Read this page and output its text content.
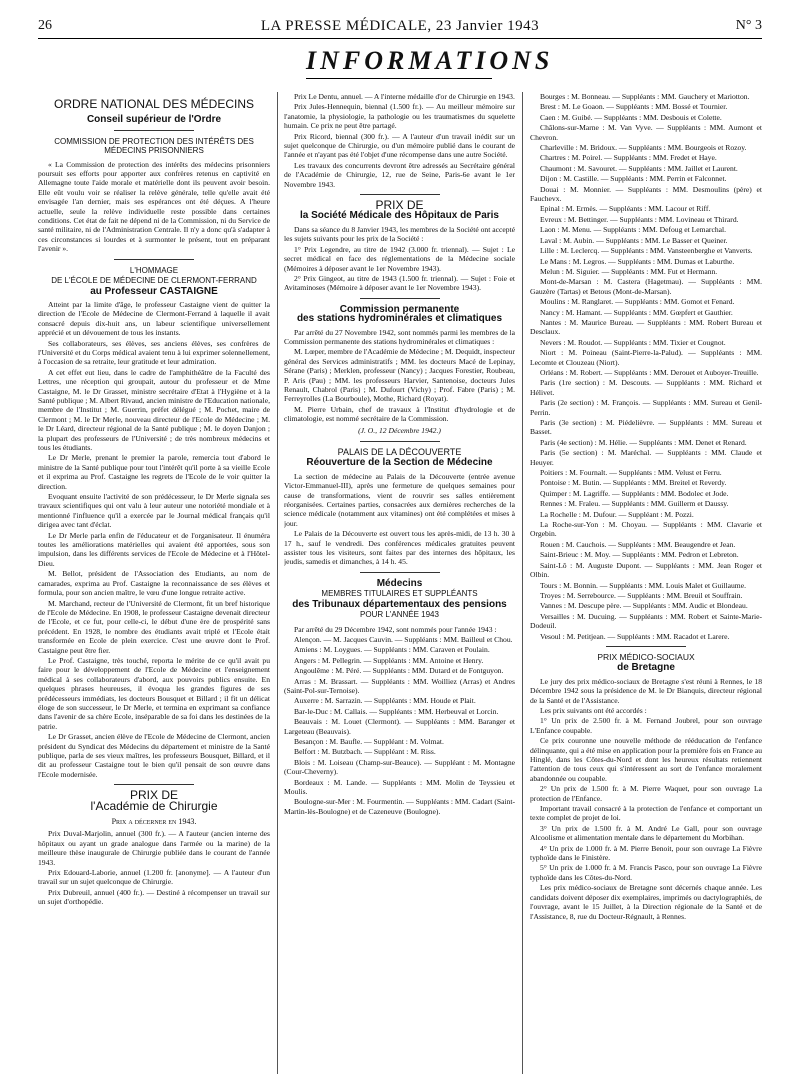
26	LA PRESSE MÉDICALE, 23 Janvier 1943	N° 3
INFORMATIONS
ORDRE NATIONAL DES MÉDECINS
Conseil supérieur de l'Ordre
COMMISSION DE PROTECTION DES INTÉRÊTS DES MÉDECINS PRISONNIERS

« La Commission de protection des intérêts des médecins prisonniers poursuit ses efforts pour apporter aux confrères retenus en captivité en Allemagne toute l'aide morale et matérielle dont ils peuvent avoir besoin. Elle eût voulu voir se réaliser la relève générale, telle qu'elle avait été envisagée l'an dernier, mais ses espérances ont été déçues. A l'heure actuelle, seule la relève individuelle reste possible dans certaines conditions. Cet état de fait ne dépend ni de la Commission, ni du Service de santé militaire, ni de l'Administration Centrale. Il n'y a donc qu'à s'adapter à ces circonstances si lourdes et à surmonter le présent, tout en préparant l'avenir ».

L'HOMMAGE
DE L'ÉCOLE DE MÉDECINE DE CLERMONT-FERRAND
au Professeur CASTAIGNE

Atteint par la limite d'âge, le professeur Castaigne vient de quitter la direction de l'Ecole de Médecine de Clermont-Ferrand à laquelle il avait consacré depuis dix-huit ans, un labeur scientifique universellement apprécié et un dévouement de tous les instants.

Ses collaborateurs, ses élèves, ses anciens élèves, ses confrères de l'Université et du Corps médical avaient tenu à lui exprimer solennellement, à l'occasion de sa retraite, leur gratitude et leur admiration.

A cet effet eut lieu, dans le cadre de l'amphithéâtre de la Faculté des Lettres, une réception qui groupait, autour du professeur et de Mme Castaigne, M. le Dr Grasset, ministre secrétaire d'Etat à l'Hygiène et à la Santé publique ; M. Albert Rivaud, ancien ministre de l'Education nationale, membre de l'Institut ; M. Guerrin, préfet délégué ; M. Pochet, maire de Clermont ; M. le Dr Merle, nouveau directeur de l'Ecole de Médecine ; M. le Dr Léard, directeur régional de la Santé publique ; M. le doyen Danjon ; la plupart des professeurs de l'Université ; de très nombreux médecins et tous les étudiants.

Le Dr Merle, prenant le premier la parole, remercia tout d'abord le ministre de la Santé publique pour tout l'intérêt qu'il porte à sa vieille Ecole et il exprima au Prof. Castaigne les regrets de l'Ecole de le voir quitter la direction.

Evoquant ensuite l'activité de son prédécesseur, le Dr Merle signala ses travaux scientifiques qui ont valu à leur auteur une notoriété mondiale et à mentionné l'influence qu'il a exercée par le Journal médical français qu'il dirigea avec tant d'éclat.

Le Dr Merle parla enfin de l'éducateur et de l'organisateur. Il énuméra toutes les améliorations matérielles qui avaient été apportées, sous son impulsion, dans les différents services de l'Ecole de Médecine et à l'Hôtel-Dieu.

M. Bellot, président de l'Association des Etudiants, au nom de camarades, exprima au Prof. Castaigne la reconnaissance de ses élèves et formula, pour son ancien maître, le vœu d'une longue retraite active.

M. Marchand, recteur de l'Université de Clermont, fit un bref historique de l'Ecole de Médecine. En 1908, le professeur Castaigne devenait directeur de l'Ecole, et ce fut, pour celle-ci, le début d'une ère de prospérité sans précédent. En 1928, le nombre des étudiants avait triplé et l'Ecole était transformée en Ecole de plein exercice. C'est une œuvre dont le Prof. Castaigne peut être fier.

Le Prof. Castaigne, très touché, reporta le mérite de ce qu'il avait pu faire pour le développement de l'Ecole de Médecine et l'enseignement médical à ses collaborateurs d'abord, aux pouvoirs publics ensuite. En quelques phrases heureuses, il évoqua les grandes figures de ses prédécesseurs immédiats, les docteurs Bousquet et Billard ; il fit un délicat éloge de son successeur, le Dr Merle, et termina en exprimant sa confiance dans l'avenir de sa chère Ecole, inséparable de sa foi dans les destinées de la patrie.

Le Dr Grasset, ancien élève de l'Ecole de Médecine de Clermont, ancien président du Syndicat des Médecins du département et ministre de la Santé publique, parla de ses vieux maîtres, les professeurs Bousquet, Billard, et il dit au professeur Castaigne tout le bien qu'il pensait de son œuvre dans l'Ecole modernisée.

PRIX DE
l'Académie de Chirurgie
Prix a décerner en 1943.

Prix Duval-Marjolin, annuel (300 fr.). — A l'auteur (ancien interne des hôpitaux ou ayant un grade analogue dans l'armée ou la marine) de la meilleure thèse inaugurale de Chirurgie publiée dans le courant de l'année 1943.

Prix Edouard-Laborie, annuel (1.200 fr. [anonyme]. — A l'auteur d'un travail sur un sujet quelconque de Chirurgie.

Prix Dubreuil, annuel (400 fr.). — Destiné à récompenser un travail sur un sujet d'orthopédie.

Prix Le Dentu, annuel. — A l'interne médaille d'or de Chirurgie en 1943.

Prix Jules-Hennequin, biennal (1.500 fr.). — Au meilleur mémoire sur l'anatomie, la physiologie, la pathologie ou les traumatismes du squelette humain. Ce prix ne peut être partagé.

Prix Ricord, biennal (300 fr.). — A l'auteur d'un travail inédit sur un sujet quelconque de Chirurgie, ou d'un mémoire publié dans le courant de l'année et n'ayant pas été l'objet d'une récompense dans une autre Société.

Les travaux des concurrents devront être adressés au Secrétaire général de l'Académie de Chirurgie, 12, rue de Seine, Paris-6e avant le 1er Novembre 1943.

PRIX DE
la Société Médicale des Hôpitaux de Paris

Dans sa séance du 8 Janvier 1943, les membres de la Société ont accepté les sujets suivants pour les prix de la Société :

1° Prix Legendre, au titre de 1942 (3.000 fr. triennal). — Sujet : Le secret médical en face des réglementations de la Médecine sociale (Mémoires à déposer avant le 1er Novembre 1943).

2° Prix Gingeot, au titre de 1943 (1.500 fr. triennal). — Sujet : Foie et Avitaminoses (Mémoire à déposer avant le 1er Novembre 1943).

Commission permanente
des stations hydrominérales et climatiques

Par arrêté du 27 Novembre 1942, sont nommés parmi les membres de la Commission permanente des stations hydrominérales et climatiques :

M. Lœper, membre de l'Académie de Médecine ; M. Dequidt, inspecteur général des Services administratifs ; MM. les docteurs Macé de Lepinay, Sérane (Paris) ; Merklen, professeur (Nancy) ; Jacques Forestier, Roubeau, P. Aris (Pau) ; MM. les professeurs Harvier, Santenoise, docteurs Jules Renault, Chabrol (Paris) ; M. Dufourt (Vichy) ; Prof. Fabre (Paris) ; M. Ferreyrolles (La Bourboule), Mothe, Richard (Royat).

M. Pierre Urbain, chef de travaux à l'Institut d'hydrologie et de climatologie, est nommé secrétaire de la Commission.

(J. O., 12 Décembre 1942.)
PALAIS DE LA DÉCOUVERTE
Réouverture de la Section de Médecine

La section de médecine au Palais de la Découverte (entrée avenue Victor-Emmanuel-III), après une fermeture de quelques semaines pour cause de transformations, vient de rouvrir ses salles entièrement réorganisées. Certaines parties, consacrées aux dernières recherches de la science médicale (notamment aux vitamines) ont été complétées et mises à jour.

Le Palais de la Découverte est ouvert tous les après-midi, de 13 h. 30 à 17 h., sauf le vendredi. Des conférences médicales gratuites peuvent assister tous les visiteurs, sont faites par des internes des hôpitaux, les jeudis, samedis et dimanches, à 14 h. 45.

Médecins
MEMBRES TITULAIRES ET SUPPLÉANTS
des Tribunaux départementaux des pensions
POUR L'ANNÉE 1943

Par arrêté du 29 Décembre 1942, sont nommés pour l'année 1943 :

Alençon. — M. Jacques Cauvin. — Suppléants : MM. Bailleul et Chou.

Amiens : M. Loygues. — Suppléants : MM. Caraven et Poulain.

Angers : M. Pellegrin. — Suppléants : MM. Antoine et Henry.

Angoulême : M. Péré. — Suppléants : MM. Dutard et de Fontguyon.

Arras : M. Brassart. — Suppléants : MM. Woilliez (Arras) et Andres (Saint-Pol-sur-Ternoise).

Auxerre : M. Sarrazin. — Suppléants : MM. Houde et Plait.

Bar-le-Duc : M. Callais. — Suppléants : MM. Herbeuval et Lorcin.

Beauvais : M. Louet (Clermont). — Suppléants : MM. Baranger et Largeteau (Beauvais).

Besançon : M. Baufle. — Suppléant : M. Volmat.

Belfort : M. Butzbach. — Suppléant : M. Riss.

Blois : M. Loiseau (Champ-sur-Beauce). — Suppléant : M. Montagne (Cour-Cheverny).

Bordeaux : M. Lande. — Suppléants : MM. Molin de Teyssieu et Moulis.

Boulogne-sur-Mer : M. Fourmentin. — Suppléants : MM. Cadart (Saint-Martin-lès-Boulogne) et de Cazeneuve (Boulogne).

Bourges : M. Bonneau. — Suppléants : MM. Gauchery et Mariotton.

Brest : M. Le Goaon. — Suppléants : MM. Bossé et Tournier.

Caen : M. Guibé. — Suppléants : MM. Desbouis et Colette.

Châlons-sur-Marne : M. Van Vyve. — Suppléants : MM. Aumont et Chevron.

Charleville : M. Bridoux. — Suppléants : MM. Bourgeois et Rozoy.

Chartres : M. Poirel. — Suppléants : MM. Fredet et Haye.

Chaumont : M. Savouret. — Suppléants : MM. Jaillet et Laurent.

Dijon : M. Castille. — Suppléants : MM. Perrin et Falconnet.

Douai : M. Monnier. — Suppléants : MM. Desmoulins (père) et Fauchevx.

Epinal : M. Ermès. — Suppléants : MM. Lacour et Riff.

Evreux : M. Bettinger. — Suppléants : MM. Lovineau et Thirard.

Laon : M. Menu. — Suppléants : MM. Defoug et Lemarchal.

Laval : M. Aubin. — Suppléants : MM. Le Basser et Queiner.

Lille : M. Leclercq. — Suppléants : MM. Vansteenberghe et Vanverts.

Le Mans : M. Legros. — Suppléants : MM. Dumas et Laburthe.

Melun : M. Siguier. — Suppléants : MM. Fut et Hermann.

Mont-de-Marsan : M. Castera (Hagetmau). — Suppléants : MM. Gauzère (Tartas) et Betous (Mont-de-Marsan).

Moulins : M. Ranglaret. — Suppléants : MM. Gomot et Fenard.

Nancy : M. Hamant. — Suppléants : MM. Gœpfert et Gauthier.

Nantes : M. Maurice Bureau. — Suppléants : MM. Robert Bureau et Desclaux.

Nevers : M. Roudot. — Suppléants : MM. Tixier et Cougnot.

Niort : M. Poineau (Saint-Pierre-la-Palud). — Suppléants : MM. Lecomte et Clouzeau (Niort).

Orléans : M. Robert. — Suppléants : MM. Derouet et Auboyer-Treuille.

Paris (1re section) : M. Descouts. — Suppléants : MM. Richard et Hélivet.

Paris (2e section) : M. François. — Suppléants : MM. Sureau et Genil-Perrin.

Paris (3e section) : M. Piédelièvre. — Suppléants : MM. Sureau et Basset.

Paris (4e section) : M. Hélie. — Suppléants : MM. Denet et Renard.

Paris (5e section) : M. Maréchal. — Suppléants : MM. Claude et Heuyer.

Poitiers : M. Fournalt. — Suppléants : MM. Velust et Ferru.

Pontoise : M. Butin. — Suppléants : MM. Breitel et Reverdy.

Quimper : M. Lagriffe. — Suppléants : MM. Bodolec et Jode.

Rennes : M. Fraleu. — Suppléants : MM. Guillerm et Daussy.

La Rochelle : M. Dufour. — Suppléant : M. Pozzi.

La Roche-sur-Yon : M. Choyau. — Suppléants : MM. Clavarie et Orgebin.

Rouen : M. Cauchois. — Suppléants : MM. Beaugendre et Jean.

Saint-Brieuc : M. Moy. — Suppléants : MM. Pedron et Lebreton.

Saint-Lô : M. Auguste Dupont. — Suppléants : MM. Jean Roger et Olbin.

Tours : M. Bonnin. — Suppléants : MM. Louis Malet et Guillaume.

Troyes : M. Serrebource. — Suppléants : MM. Breuil et Souffrain.

Vannes : M. Descupe père. — Suppléants : MM. Audic et Blondeau.

Versailles : M. Ducuing. — Suppléants : MM. Robert et Sainte-Marie-Dodeuil.

Vesoul : M. Petitjean. — Suppléants : MM. Racadot et Larere.

PRIX MÉDICO-SOCIAUX
de Bretagne

Le jury des prix médico-sociaux de Bretagne s'est réuni à Rennes, le 18 Décembre 1942 sous la présidence de M. le Dr Bianquis, directeur régional de la Santé et de l'Assistance.

Les prix suivants ont été accordés :

1° Un prix de 2.500 fr. à M. Fernand Joubrel, pour son ouvrage L'Enfance coupable.

Ce prix couronne une nouvelle méthode de rééducation de l'enfance délinquante, qui a été mise en application pour la première fois en France au Hinglé, dans les Côtes-du-Nord et dont les heureux résultats retiennent l'attention de tous ceux qui s'intéressent au sort de l'enfance moralement abandonnée ou coupable.

2° Un prix de 1.500 fr. à M. Pierre Waquet, pour son ouvrage La protection de l'Enfance.

Important travail consacré à la protection de l'enfance et comportant un texte complet de projet de loi.

3° Un prix de 1.500 fr. à M. André Le Gall, pour son ouvrage Alcoolisme et alimentation mentale dans le département du Morbihan.

4° Un prix de 1.000 fr. à M. Pierre Benoit, pour son ouvrage La Fièvre typhoïde dans le Finistère.

5° Un prix de 1.000 fr. à M. Francis Pasco, pour son ouvrage La Fièvre typhoïde dans les Côtes-du-Nord.

Les prix médico-sociaux de Bretagne sont décernés chaque année. Les candidats doivent déposer dix exemplaires, imprimés ou dactylographiés, de l'ouvrage, avant le 15 Juillet, à la Direction régionale de la Santé et de l'Assistance, 8, rue du Docteur-Régnault, à Rennes.
